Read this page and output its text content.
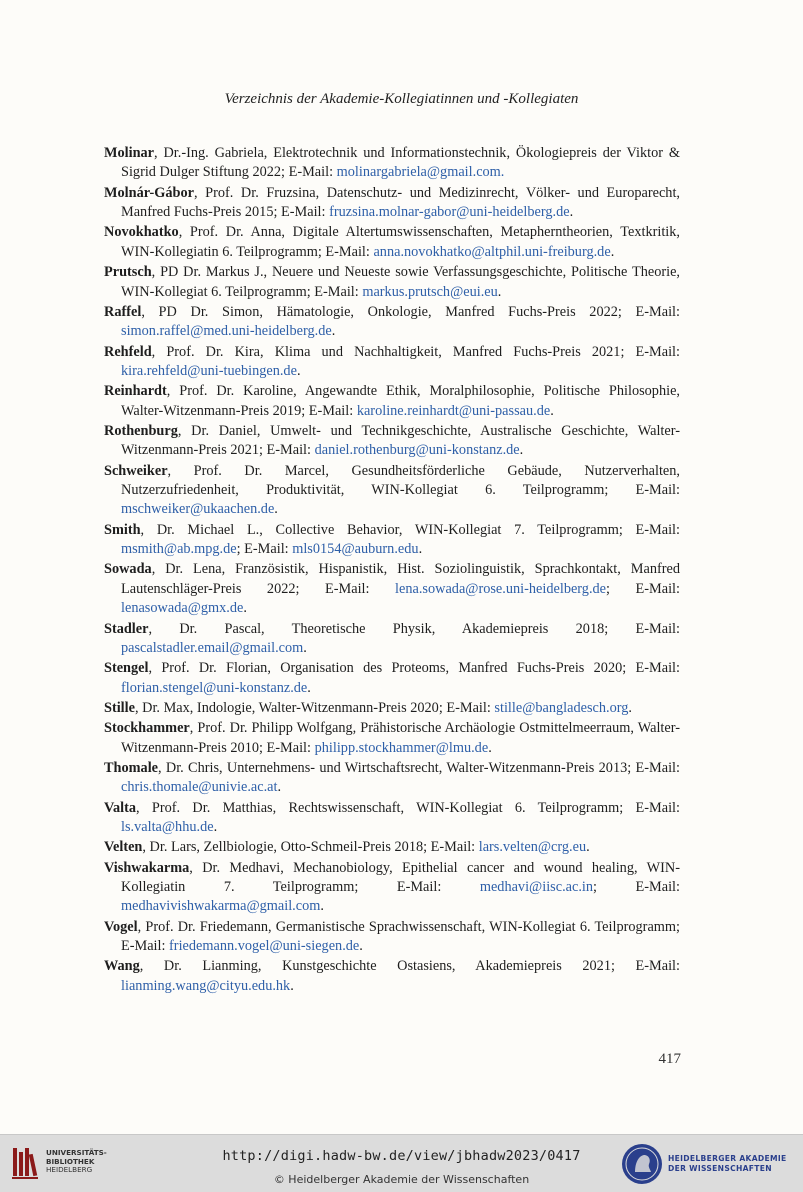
Verzeichnis der Akademie-Kollegiatinnen und -Kollegiaten

Molinar, Dr.-Ing. Gabriela, Elektrotechnik und Informationstechnik, Ökologiepreis der Viktor & Sigrid Dulger Stiftung 2022; E-Mail: molinargabriela@gmail.com.

Molnár-Gábor, Prof. Dr. Fruzsina, Datenschutz- und Medizinrecht, Völker- und Europarecht, Manfred Fuchs-Preis 2015; E-Mail: fruzsina.molnar-gabor@uni-heidelberg.de.

Novokhatko, Prof. Dr. Anna, Digitale Altertumswissenschaften, Metapherntheorien, Textkritik, WIN-Kollegiatin 6. Teilprogramm; E-Mail: anna.novokhatko@altphil.uni-freiburg.de.

Prutsch, PD Dr. Markus J., Neuere und Neueste sowie Verfassungsgeschichte, Politische Theorie, WIN-Kollegiat 6. Teilprogramm; E-Mail: markus.prutsch@eui.eu.

Raffel, PD Dr. Simon, Hämatologie, Onkologie, Manfred Fuchs-Preis 2022; E-Mail: simon.raffel@med.uni-heidelberg.de.

Rehfeld, Prof. Dr. Kira, Klima und Nachhaltigkeit, Manfred Fuchs-Preis 2021; E-Mail: kira.rehfeld@uni-tuebingen.de.

Reinhardt, Prof. Dr. Karoline, Angewandte Ethik, Moralphilosophie, Politische Philosophie, Walter-Witzenmann-Preis 2019; E-Mail: karoline.reinhardt@uni-passau.de.

Rothenburg, Dr. Daniel, Umwelt- und Technikgeschichte, Australische Geschichte, Walter-Witzenmann-Preis 2021; E-Mail: daniel.rothenburg@uni-konstanz.de.

Schweiker, Prof. Dr. Marcel, Gesundheitsförderliche Gebäude, Nutzerverhalten, Nutzerzufriedenheit, Produktivität, WIN-Kollegiat 6. Teilprogramm; E-Mail: mschweiker@ukaachen.de.

Smith, Dr. Michael L., Collective Behavior, WIN-Kollegiat 7. Teilprogramm; E-Mail: msmith@ab.mpg.de; E-Mail: mls0154@auburn.edu.

Sowada, Dr. Lena, Französistik, Hispanistik, Hist. Soziolinguistik, Sprachkontakt, Manfred Lautenschläger-Preis 2022; E-Mail: lena.sowada@rose.uni-heidelberg.de; E-Mail: lenasowada@gmx.de.

Stadler, Dr. Pascal, Theoretische Physik, Akademiepreis 2018; E-Mail: pascalstadler.email@gmail.com.

Stengel, Prof. Dr. Florian, Organisation des Proteoms, Manfred Fuchs-Preis 2020; E-Mail: florian.stengel@uni-konstanz.de.

Stille, Dr. Max, Indologie, Walter-Witzenmann-Preis 2020; E-Mail: stille@bangladesch.org.

Stockhammer, Prof. Dr. Philipp Wolfgang, Prähistorische Archäologie Ostmittelmeerraum, Walter-Witzenmann-Preis 2010; E-Mail: philipp.stockhammer@lmu.de.

Thomale, Dr. Chris, Unternehmens- und Wirtschaftsrecht, Walter-Witzenmann-Preis 2013; E-Mail: chris.thomale@univie.ac.at.

Valta, Prof. Dr. Matthias, Rechtswissenschaft, WIN-Kollegiat 6. Teilprogramm; E-Mail: ls.valta@hhu.de.

Velten, Dr. Lars, Zellbiologie, Otto-Schmeil-Preis 2018; E-Mail: lars.velten@crg.eu.

Vishwakarma, Dr. Medhavi, Mechanobiology, Epithelial cancer and wound healing, WIN-Kollegiatin 7. Teilprogramm; E-Mail: medhavi@iisc.ac.in; E-Mail: medhavivishwakarma@gmail.com.

Vogel, Prof. Dr. Friedemann, Germanistische Sprachwissenschaft, WIN-Kollegiat 6. Teilprogramm; E-Mail: friedemann.vogel@uni-siegen.de.

Wang, Dr. Lianming, Kunstgeschichte Ostasiens, Akademiepreis 2021; E-Mail: lianming.wang@cityu.edu.hk.

417
UNIVERSITÄTS-
BIBLIOTHEK
HEIDELBERG
http://digi.hadw-bw.de/view/jbhadw2023/0417
© Heidelberger Akademie der Wissenschaften
HEIDELBERGER AKADEMIE
DER WISSENSCHAFTEN
